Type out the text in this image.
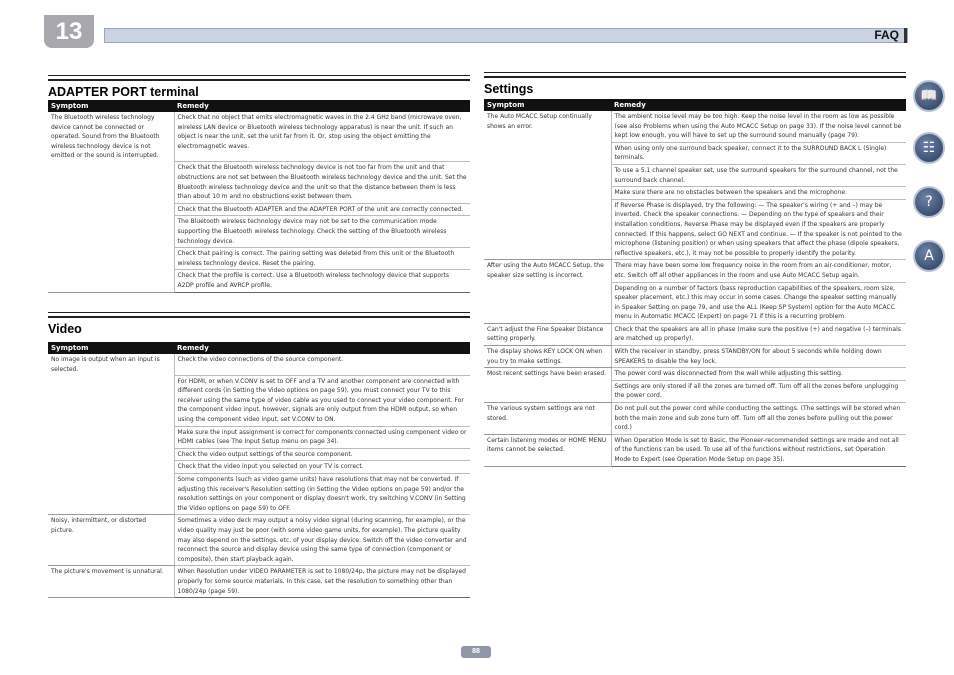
13	FAQ
ADAPTER PORT terminal
Symptom	Remedy
The Bluetooth wireless technology device cannot be connected or operated. Sound from the Bluetooth wireless technology device is not emitted or the sound is interrupted.	Check that no object that emits electromagnetic waves in the 2.4 GHz band (microwave oven, wireless LAN device or Bluetooth wireless technology apparatus) is near the unit. If such an object is near the unit, set the unit far from it. Or, stop using the object emitting the electromagnetic waves.
	Check that the Bluetooth wireless technology device is not too far from the unit and that obstructions are not set between the Bluetooth wireless technology device and the unit. Set the Bluetooth wireless technology device and the unit so that the distance between them is less than about 10 m and no obstructions exist between them.
	Check that the Bluetooth ADAPTER and the ADAPTER PORT of the unit are correctly connected.
	The Bluetooth wireless technology device may not be set to the communication mode supporting the Bluetooth wireless technology. Check the setting of the Bluetooth wireless technology device.
	Check that pairing is correct. The pairing setting was deleted from this unit or the Bluetooth wireless technology device. Reset the pairing.
	Check that the profile is correct. Use a Bluetooth wireless technology device that supports A2DP profile and AVRCP profile.
Video
Symptom	Remedy
No image is output when an input is selected.	Check the video connections of the source component.
	For HDMI, or when V.CONV is set to OFF and a TV and another component are connected with different cords (in Setting the Video options on page 59), you must connect your TV to this receiver using the same type of video cable as you used to connect your video component. For the component video input, however, signals are only output from the HDMI output, so when using the component video input, set V.CONV to ON.
	Make sure the input assignment is correct for components connected using component video or HDMI cables (see The Input Setup menu on page 34).
	Check the video output settings of the source component.
	Check that the video input you selected on your TV is correct.
	Some components (such as video game units) have resolutions that may not be converted. If adjusting this receiver's Resolution setting (in Setting the Video options on page 59) and/or the resolution settings on your component or display doesn't work, try switching V.CONV (in Setting the Video options on page 59) to OFF.
Noisy, intermittent, or distorted picture.	Sometimes a video deck may output a noisy video signal (during scanning, for example), or the video quality may just be poor (with some video game units, for example). The picture quality may also depend on the settings, etc. of your display device. Switch off the video converter and reconnect the source and display device using the same type of connection (component or composite), then start playback again.
The picture's movement is unnatural.	When Resolution under VIDEO PARAMETER is set to 1080/24p, the picture may not be displayed properly for some source materials. In this case, set the resolution to something other than 1080/24p (page 59).
Settings
Symptom	Remedy
The Auto MCACC Setup continually shows an error.	The ambient noise level may be too high. Keep the noise level in the room as low as possible (see also Problems when using the Auto MCACC Setup on page 33). If the noise level cannot be kept low enough, you will have to set up the surround sound manually (page 79).
	When using only one surround back speaker, connect it to the SURROUND BACK L (Single) terminals.
	To use a 5.1 channel speaker set, use the surround speakers for the surround channel, not the surround back channel.
	Make sure there are no obstacles between the speakers and the microphone.
	If Reverse Phase is displayed, try the following: — The speaker's wiring (+ and –) may be inverted. Check the speaker connections. — Depending on the type of speakers and their installation conditions, Reverse Phase may be displayed even if the speakers are properly connected. If this happens, select GO NEXT and continue. — If the speaker is not pointed to the microphone (listening position) or when using speakers that affect the phase (dipole speakers, reflective speakers, etc.), it may not be possible to properly identify the polarity.
After using the Auto MCACC Setup, the speaker size setting is incorrect.	There may have been some low frequency noise in the room from an air-conditioner, motor, etc. Switch off all other appliances in the room and use Auto MCACC Setup again.
	Depending on a number of factors (bass reproduction capabilities of the speakers, room size, speaker placement, etc.) this may occur in some cases. Change the speaker setting manually in Speaker Setting on page 79, and use the ALL (Keep SP System) option for the Auto MCACC menu in Automatic MCACC (Expert) on page 71 if this is a recurring problem.
Can't adjust the Fine Speaker Distance setting properly.	Check that the speakers are all in phase (make sure the positive (+) and negative (–) terminals are matched up properly).
The display shows KEY LOCK ON when you try to make settings.	With the receiver in standby, press STANDBY/ON for about 5 seconds while holding down SPEAKERS to disable the key lock.
Most recent settings have been erased.	The power cord was disconnected from the wall while adjusting this setting.
	Settings are only stored if all the zones are turned off. Turn off all the zones before unplugging the power cord.
The various system settings are not stored.	Do not pull out the power cord while conducting the settings. (The settings will be stored when both the main zone and sub zone turn off. Turn off all the zones before pulling out the power cord.)
Certain listening modes or HOME MENU items cannot be selected.	When Operation Mode is set to Basic, the Pioneer-recommended settings are made and not all of the functions can be used. To use all of the functions without restrictions, set Operation Mode to Expert (see Operation Mode Setup on page 35).
📖
☷
?
A
88
